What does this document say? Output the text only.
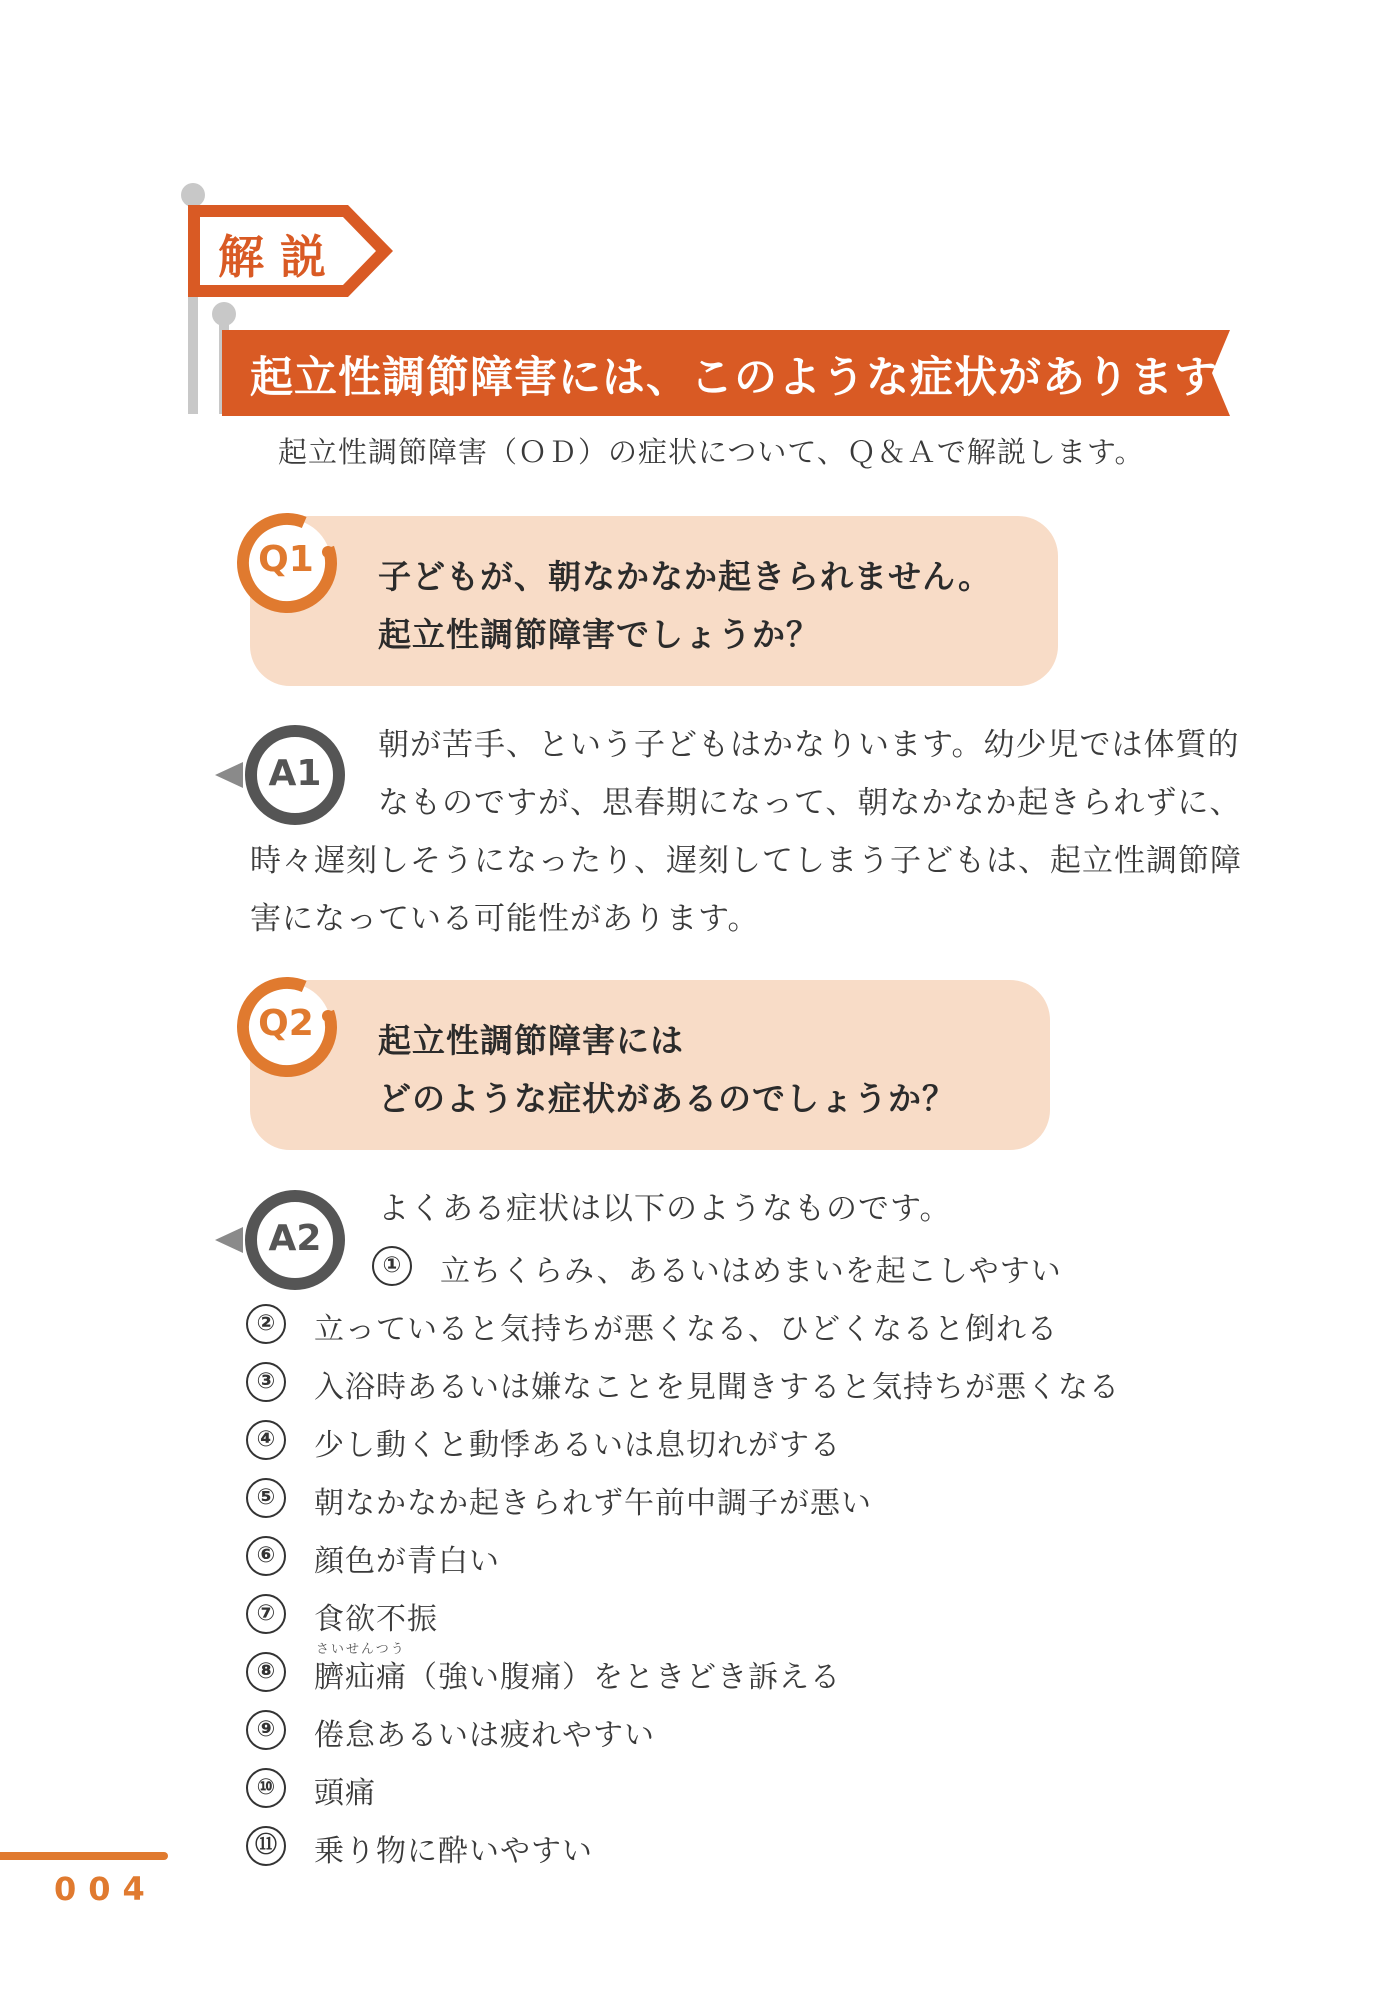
解説
起立性調節障害には、このような症状があります
起立性調節障害（ＯＤ）の症状について、Ｑ＆Ａで解説します。
Q1	子どもが、朝なかなか起きられません。
起立性調節障害でしょうか？
A1
朝が苦手、という子どもはかなりいます。幼少児では体質的
なものですが、思春期になって、朝なかなか起きられずに、
時々遅刻しそうになったり、遅刻してしまう子どもは、起立性調節障
害になっている可能性があります。
Q2	起立性調節障害には
どのような症状があるのでしょうか？
A2
よくある症状は以下のようなものです。
①	立ちくらみ、あるいはめまいを起こしやすい
②	立っていると気持ちが悪くなる、ひどくなると倒れる
③	入浴時あるいは嫌なことを見聞きすると気持ちが悪くなる
④	少し動くと動悸あるいは息切れがする
⑤	朝なかなか起きられず午前中調子が悪い
⑥	顔色が青白い
⑦	食欲不振
さいせんつう
⑧	臍疝痛（強い腹痛）をときどき訴える
⑨	倦怠あるいは疲れやすい
⑩	頭痛
⑪	乗り物に酔いやすい
004
